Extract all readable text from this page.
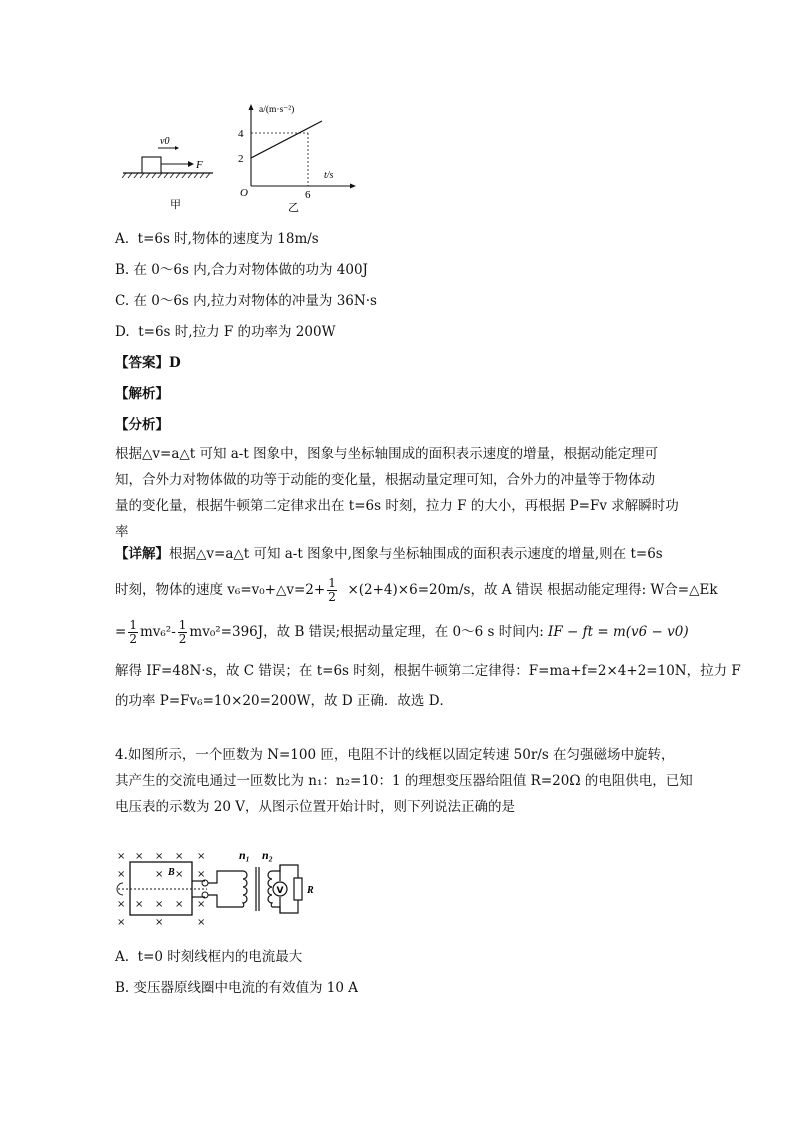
v0
F
甲
a/(m·s⁻²)
t/s
4
2
6
O
乙
A. t=6s 时,物体的速度为 18m/s
B. 在 0～6s 内,合力对物体做的功为 400J
C. 在 0～6s 内,拉力对物体的冲量为 36N·s
D. t=6s 时,拉力 F 的功率为 200W
【答案】D
【解析】
【分析】

根据△v=a△t 可知 a-t 图象中，图象与坐标轴围成的面积表示速度的增量，根据动能定理可

知，合外力对物体做的功等于动能的变化量，根据动量定理可知，合外力的冲量等于物体动

量的变化量，根据牛顿第二定律求出在 t=6s 时刻，拉力 F 的大小，再根据 P=Fv 求解瞬时功

率

【详解】根据△v=a△t 可知 a-t 图象中,图象与坐标轴围成的面积表示速度的增量,则在 t=6s
时刻，物体的速度 v₆=v₀+△v=2+ $\frac{1}{2} \times(2+4)\times 6=20m/s$，故 A 错误 根据动能定理得: W合=△Ek
= $\frac{1}{2} mv_6^2- \frac{1}{2} mv_0^2=396J$，故 B 错误;根据动量定理，在 0～6 s 时间内: IF − ft = m(v6 − v0)
解得 IF=48N·s，故 C 错误；在 t=6s 时刻，根据牛顿第二定律得：F=ma+f=2×4+2=10N，拉力 F
的功率 P=Fv₆=10×20=200W，故 D 正确．故选 D．

4.如图所示，一个匝数为 N=100 匝，电阻不计的线框以固定转速 50r/s 在匀强磁场中旋转，

其产生的交流电通过一匝数比为 n₁：n₂=10：1 的理想变压器给阻值 R=20Ω 的电阻供电，已知

电压表的示数为 20 V，从图示位置开始计时，则下列说法正确的是

× × × × ×
×	× × ×
× × × × ×
×	×	×
B
n₁ n₂
V R
A. t=0 时刻线框内的电流最大
B. 变压器原线圈中电流的有效值为 10 A
